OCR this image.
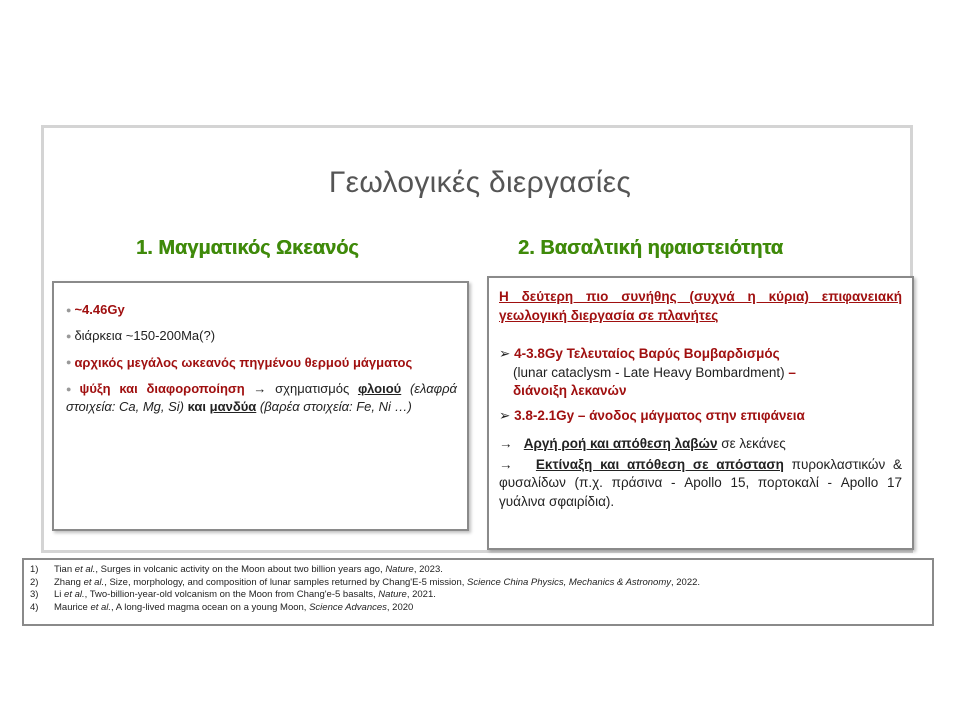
Γεωλογικές διεργασίες
1. Μαγματικός Ωκεανός	2. Βασαλτική ηφαιστειότητα
● ~4.46Gy
● διάρκεια ~150-200Ma(?)
● αρχικός μεγάλος ωκεανός πηγμένου θερμού μάγματος
● ψύξη και διαφοροποίηση → σχηματισμός φλοιού (ελαφρά στοιχεία: Ca, Mg, Si) και μανδύα (βαρέα στοιχεία: Fe, Ni …)
Η δεύτερη πιο συνήθης (συχνά η κύρια) επιφανειακή γεωλογική διεργασία σε πλανήτες
➢ 4-3.8Gy Τελευταίος Βαρύς Βομβαρδισμός
(lunar cataclysm - Late Heavy Bombardment) –
διάνοιξη λεκανών
➢ 3.8-2.1Gy – άνοδος μάγματος στην επιφάνεια
→ Αργή ροή και απόθεση λαβών σε λεκάνες
→ Εκτίναξη και απόθεση σε απόσταση πυροκλαστικών & φυσαλίδων (π.χ. πράσινα - Apollo 15, πορτοκαλί - Apollo 17 γυάλινα σφαιρίδια).
1) Tian et al., Surges in volcanic activity on the Moon about two billion years ago, Nature, 2023.
2) Zhang et al., Size, morphology, and composition of lunar samples returned by Chang'E-5 mission, Science China Physics, Mechanics & Astronomy, 2022.
3) Li et al., Two-billion-year-old volcanism on the Moon from Chang'e-5 basalts, Nature, 2021.
4) Maurice et al., A long-lived magma ocean on a young Moon, Science Advances, 2020
